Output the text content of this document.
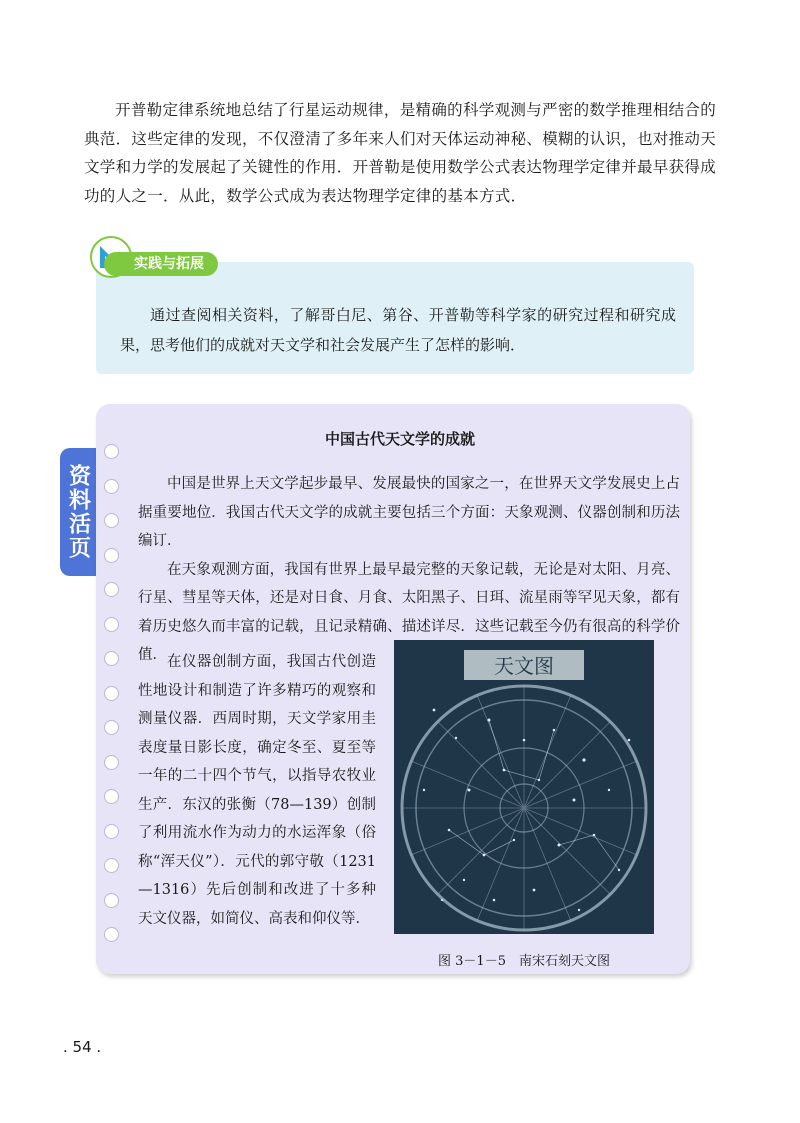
开普勒定律系统地总结了行星运动规律，是精确的科学观测与严密的数学推理相结合的典范．这些定律的发现，不仅澄清了多年来人们对天体运动神秘、模糊的认识，也对推动天文学和力学的发展起了关键性的作用．开普勒是使用数学公式表达物理学定律并最早获得成功的人之一．从此，数学公式成为表达物理学定律的基本方式．

实践与拓展

通过查阅相关资料，了解哥白尼、第谷、开普勒等科学家的研究过程和研究成果，思考他们的成就对天文学和社会发展产生了怎样的影响．

资料活页
中国古代天文学的成就

中国是世界上天文学起步最早、发展最快的国家之一，在世界天文学发展史上占据重要地位．我国古代天文学的成就主要包括三个方面：天象观测、仪器创制和历法编订．

在天象观测方面，我国有世界上最早最完整的天象记载，无论是对太阳、月亮、行星、彗星等天体，还是对日食、月食、太阳黑子、日珥、流星雨等罕见天象，都有着历史悠久而丰富的记载，且记录精确、描述详尽．这些记载至今仍有很高的科学价值． 在仪器创制方面，我国古代创造性地设计和制造了许多精巧的观察和测量仪器．西周时期，天文学家用圭表度量日影长度，确定冬至、夏至等一年的二十四个节气，以指导农牧业生产．东汉的张衡（78—139）创制了利用流水作为动力的水运浑象（俗称“浑天仪”）．元代的郭守敬（1231—1316）先后创制和改进了十多种天文仪器，如简仪、高表和仰仪等．

天文图

图 3－1－5　南宋石刻天文图

. 54 .
